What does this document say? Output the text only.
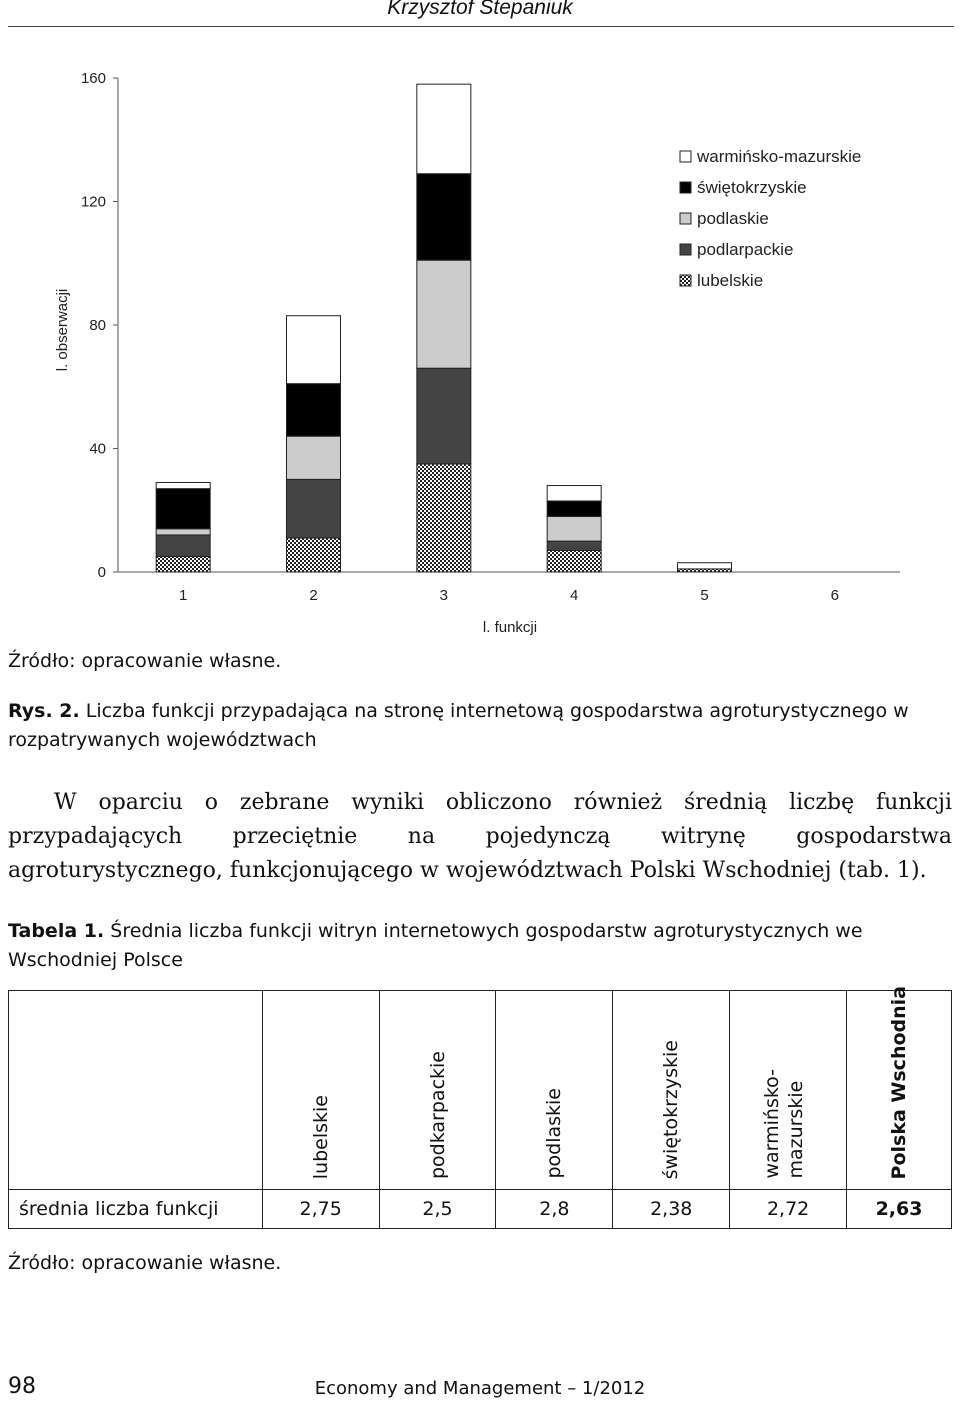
Krzysztof Stepaniuk
0
40
80
120
160
1	2	3	4	5	6
l. funkcji
l. obserwacji
warmińsko-mazurskie
świętokrzyskie
podlaskie
podlarpackie
lubelskie
Źródło: opracowanie własne.
Rys. 2. Liczba funkcji przypadająca na stronę internetową gospodarstwa agroturystycznego w rozpatrywanych województwach
W oparciu o zebrane wyniki obliczono również średnią liczbę funkcji przypadających przeciętnie na pojedynczą witrynę gospodarstwa agroturystycznego, funkcjonującego w województwach Polski Wschodniej (tab. 1).
Tabela 1. Średnia liczba funkcji witryn internetowych gospodarstw agroturystycznych we Wschodniej Polsce

	lubelskie	podkarpackie	podlaskie	świętokrzyskie	warmińsko- mazurskie	Polska Wschodnia

średnia liczba funkcji	2,75	2,5	2,8	2,38	2,72	2,63
Źródło: opracowanie własne.
98	Economy and Management – 1/2012
